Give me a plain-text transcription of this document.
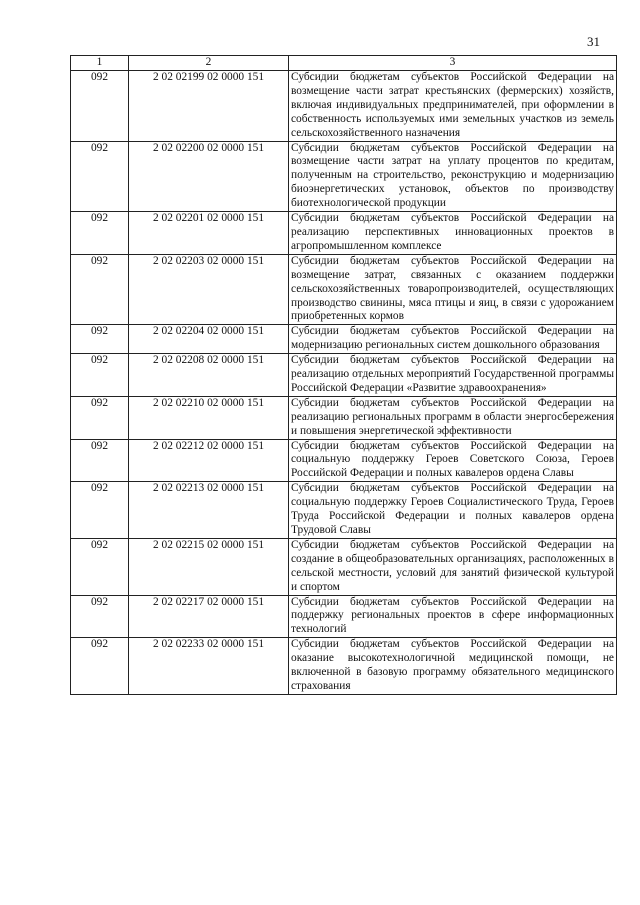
31
1	2	3
092	2 02 02199 02 0000 151	Субсидии бюджетам субъектов Российской Федерации на возмещение части затрат крестьянских (фермерских) хозяйств, включая индивидуальных предпринимателей, при оформлении в собственность используемых ими земельных участков из земель сельскохозяйственного назначения
092	2 02 02200 02 0000 151	Субсидии бюджетам субъектов Российской Федерации на возмещение части затрат на уплату процентов по кредитам, полученным на строительство, реконструкцию и модернизацию биоэнергетических установок, объектов по производству биотехнологической продукции
092	2 02 02201 02 0000 151	Субсидии бюджетам субъектов Российской Федерации на реализацию перспективных инновационных проектов в агропромышленном комплексе
092	2 02 02203 02 0000 151	Субсидии бюджетам субъектов Российской Федерации на возмещение затрат, связанных с оказанием поддержки сельскохозяйственных товаропроизводителей, осуществляющих производство свинины, мяса птицы и яиц, в связи с удорожанием приобретенных кормов
092	2 02 02204 02 0000 151	Субсидии бюджетам субъектов Российской Федерации на модернизацию региональных систем дошкольного образования
092	2 02 02208 02 0000 151	Субсидии бюджетам субъектов Российской Федерации на реализацию отдельных мероприятий Государственной программы Российской Федерации «Развитие здравоохранения»
092	2 02 02210 02 0000 151	Субсидии бюджетам субъектов Российской Федерации на реализацию региональных программ в области энергосбережения и повышения энергетической эффективности
092	2 02 02212 02 0000 151	Субсидии бюджетам субъектов Российской Федерации на социальную поддержку Героев Советского Союза, Героев Российской Федерации и полных кавалеров ордена Славы
092	2 02 02213 02 0000 151	Субсидии бюджетам субъектов Российской Федерации на социальную поддержку Героев Социалистического Труда, Героев Труда Российской Федерации и полных кавалеров ордена Трудовой Славы
092	2 02 02215 02 0000 151	Субсидии бюджетам субъектов Российской Федерации на создание в общеобразовательных организациях, расположенных в сельской местности, условий для занятий физической культурой и спортом
092	2 02 02217 02 0000 151	Субсидии бюджетам субъектов Российской Федерации на поддержку региональных проектов в сфере информационных технологий
092	2 02 02233 02 0000 151	Субсидии бюджетам субъектов Российской Федерации на оказание высокотехнологичной медицинской помощи, не включенной в базовую программу обязательного медицинского страхования
